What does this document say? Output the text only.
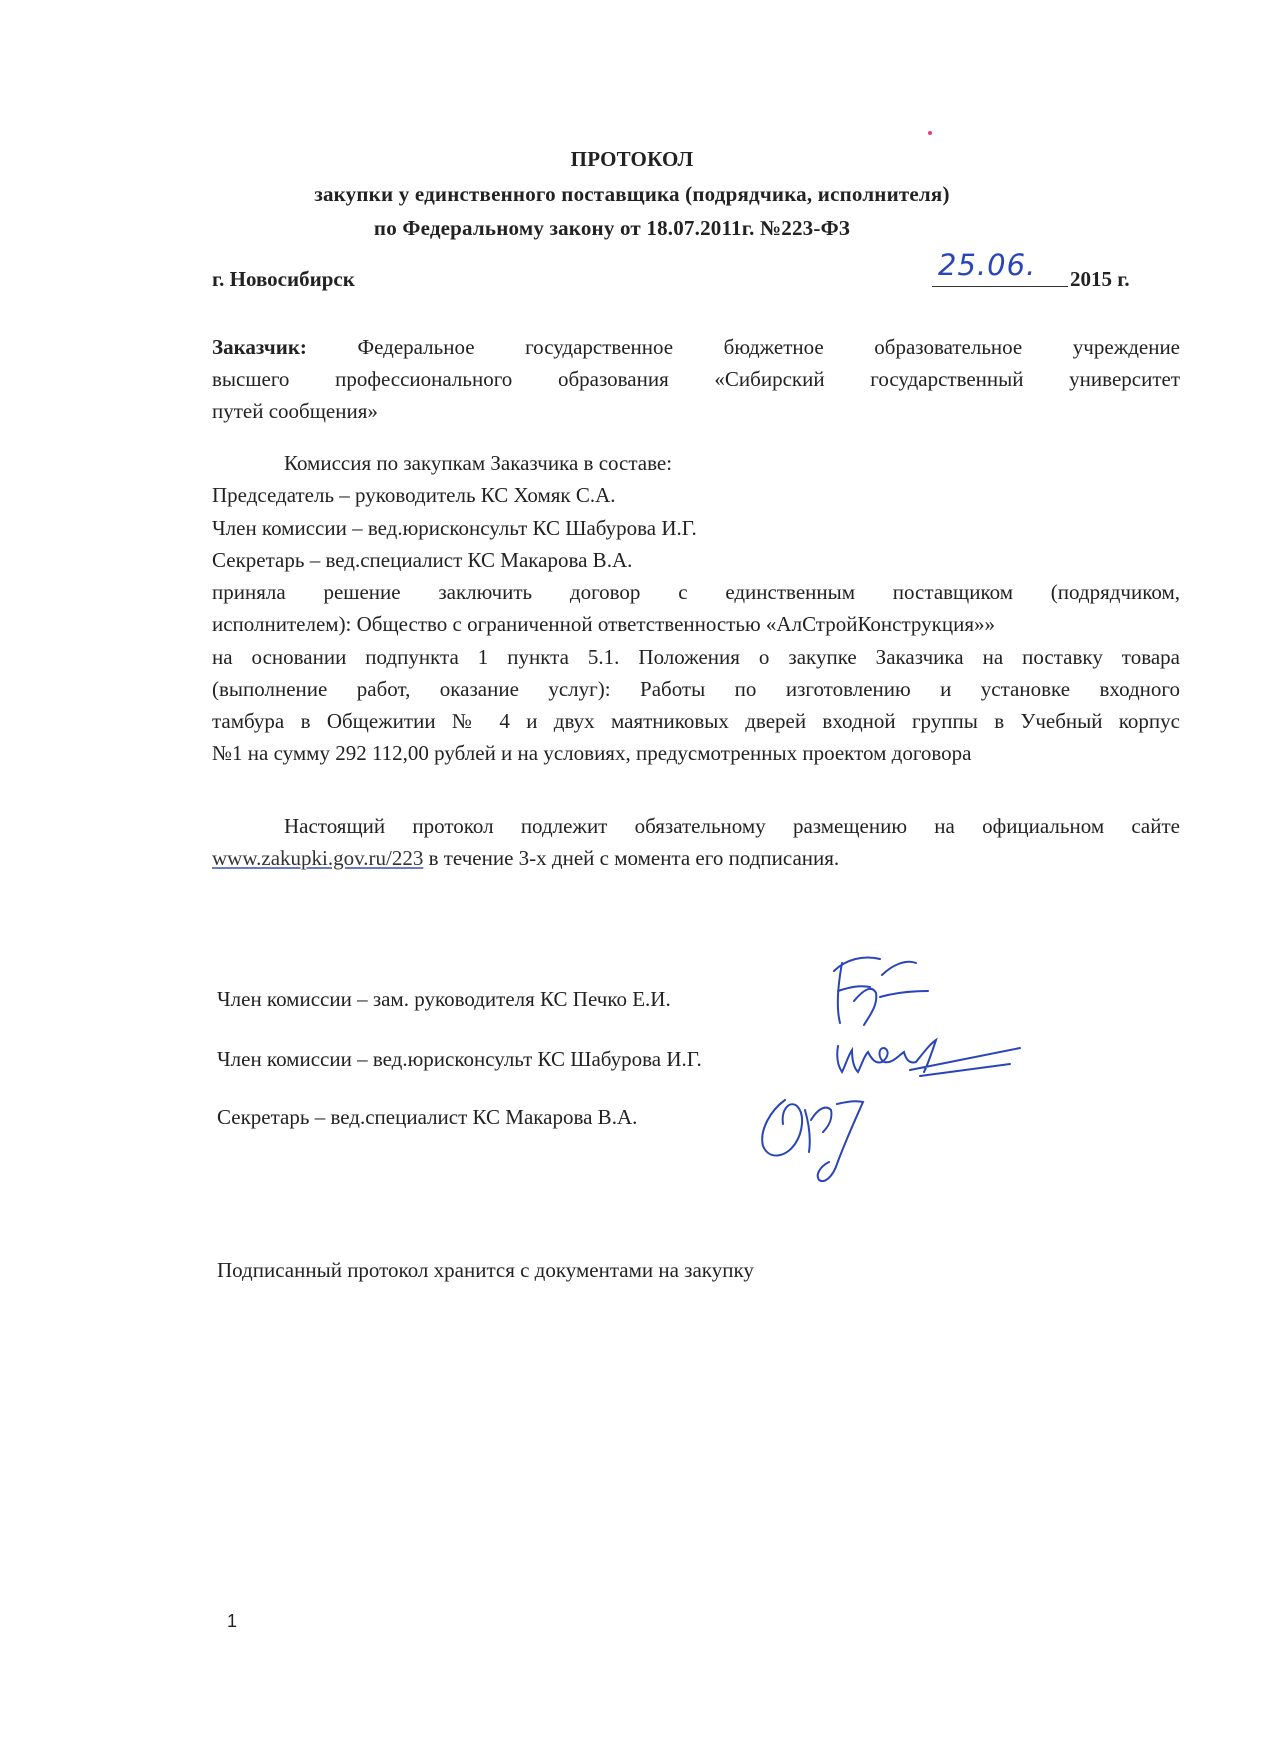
ПРОТОКОЛ
закупки у единственного поставщика (подрядчика, исполнителя)
по Федеральному закону от 18.07.2011г. №223-ФЗ
г. Новосибирск	25.06. 2015 г.
Заказчик: Федеральное государственное бюджетное образовательное учреждение
высшего профессионального образования «Сибирский государственный университет
путей сообщения»
Комиссия по закупкам Заказчика в составе:
Председатель – руководитель КС Хомяк С.А.
Член комиссии – вед.юрисконсульт КС Шабурова И.Г.
Секретарь – вед.специалист КС Макарова В.А.
приняла решение заключить договор с единственным поставщиком (подрядчиком,
исполнителем): Общество с ограниченной ответственностью «АлСтройКонструкция»»
на основании подпункта 1 пункта 5.1. Положения о закупке Заказчика на поставку товара
(выполнение работ, оказание услуг): Работы по изготовлению и установке входного
тамбура в Общежитии № 4 и двух маятниковых дверей входной группы в Учебный корпус
№1 на сумму 292 112,00 рублей и на условиях, предусмотренных проектом договора
Настоящий протокол подлежит обязательному размещению на официальном сайте
www.zakupki.gov.ru/223 в течение 3-х дней с момента его подписания.
Член комиссии – зам. руководителя КС Печко Е.И.
Член комиссии – вед.юрисконсульт КС Шабурова И.Г.
Секретарь – вед.специалист КС Макарова В.А.
Подписанный протокол хранится с документами на закупку
1
